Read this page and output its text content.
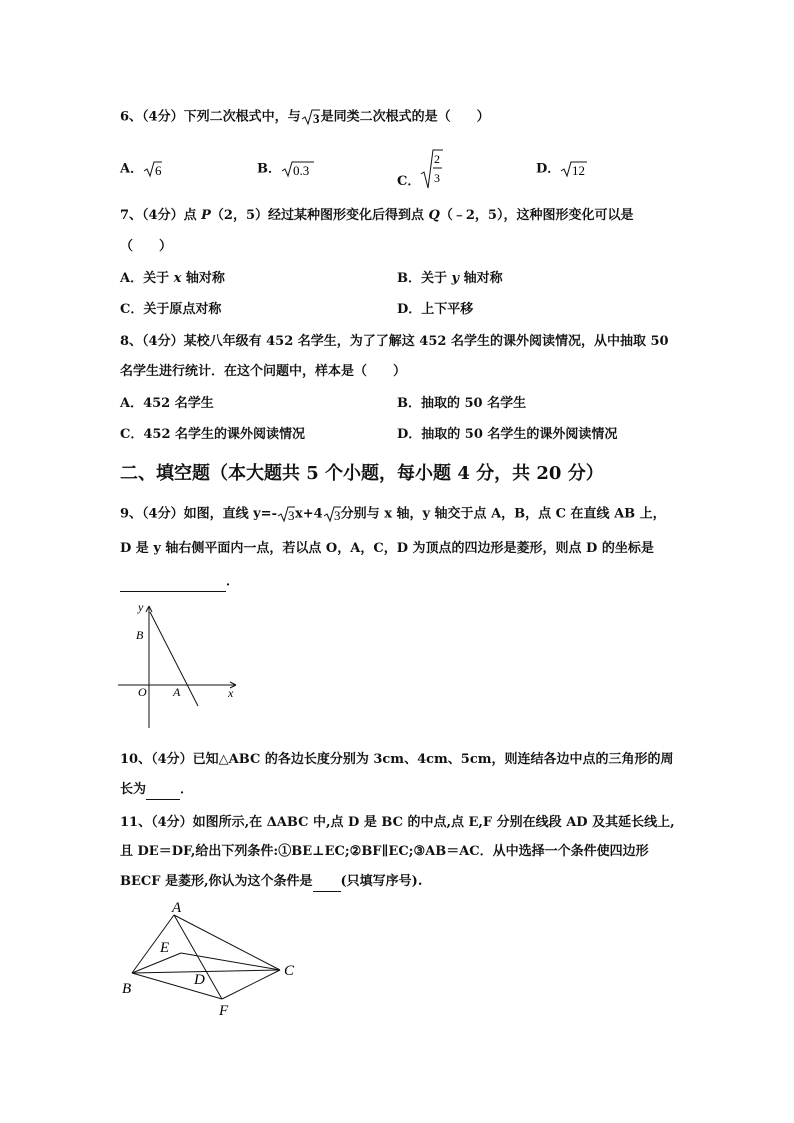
6、（4分）下列二次根式中，与 3 是同类二次根式的是（　　）
A． 6	B． 0.3
C．
2
3
D． 12
7、（4分）点 P（2，5）经过某种图形变化后得到点 Q（﹣2，5），这种图形变化可以是
（　　）
A．关于 x 轴对称	B．关于 y 轴对称
C．关于原点对称	D．上下平移
8、（4分）某校八年级有 452 名学生，为了了解这 452 名学生的课外阅读情况，从中抽取 50
名学生进行统计．在这个问题中，样本是（　　）
A．452 名学生	B．抽取的 50 名学生
C．452 名学生的课外阅读情况	D．抽取的 50 名学生的课外阅读情况
二、填空题（本大题共 5 个小题，每小题 4 分，共 20 分）
9、（4分）如图，直线 y=- 3 x+4 3 分别与 x 轴，y 轴交于点 A，B，点 C 在直线 AB 上，
D 是 y 轴右侧平面内一点，若以点 O，A，C，D 为顶点的四边形是菱形，则点 D 的坐标是
．
y
x
B
O A
10、（4分）已知△ABC 的各边长度分别为 3cm、4cm、5cm，则连结各边中点的三角形的周
长为	．
11、（4分）如图所示,在 ΔABC 中,点 D 是 BC 的中点,点 E,F 分别在线段 AD 及其延长线上,
且 DE＝DF,给出下列条件:①BE⊥EC;②BF∥EC;③AB＝AC．从中选择一个条件使四边形
BECF 是菱形,你认为这个条件是 (只填写序号).
A
E
C
B
D
F
